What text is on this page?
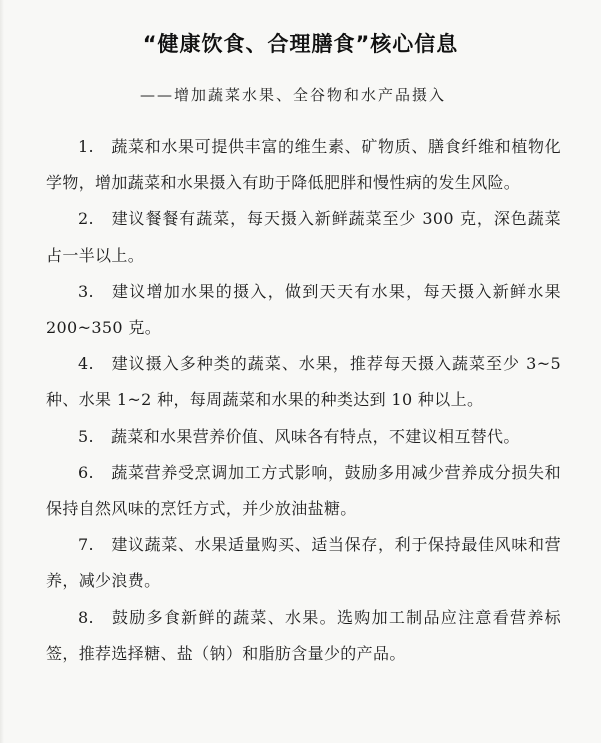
“健康饮食、合理膳食”核心信息
——增加蔬菜水果、全谷物和水产品摄入

1. 蔬菜和水果可提供丰富的维生素、矿物质、膳食纤维和植物化学物，增加蔬菜和水果摄入有助于降低肥胖和慢性病的发生风险。

2. 建议餐餐有蔬菜，每天摄入新鲜蔬菜至少 300 克，深色蔬菜占一半以上。

3. 建议增加水果的摄入，做到天天有水果，每天摄入新鲜水果 200~350 克。

4. 建议摄入多种类的蔬菜、水果，推荐每天摄入蔬菜至少 3~5 种、水果 1~2 种，每周蔬菜和水果的种类达到 10 种以上。

5. 蔬菜和水果营养价值、风味各有特点，不建议相互替代。

6. 蔬菜营养受烹调加工方式影响，鼓励多用减少营养成分损失和保持自然风味的烹饪方式，并少放油盐糖。

7. 建议蔬菜、水果适量购买、适当保存，利于保持最佳风味和营养，减少浪费。

8. 鼓励多食新鲜的蔬菜、水果。选购加工制品应注意看营养标签，推荐选择糖、盐（钠）和脂肪含量少的产品。
